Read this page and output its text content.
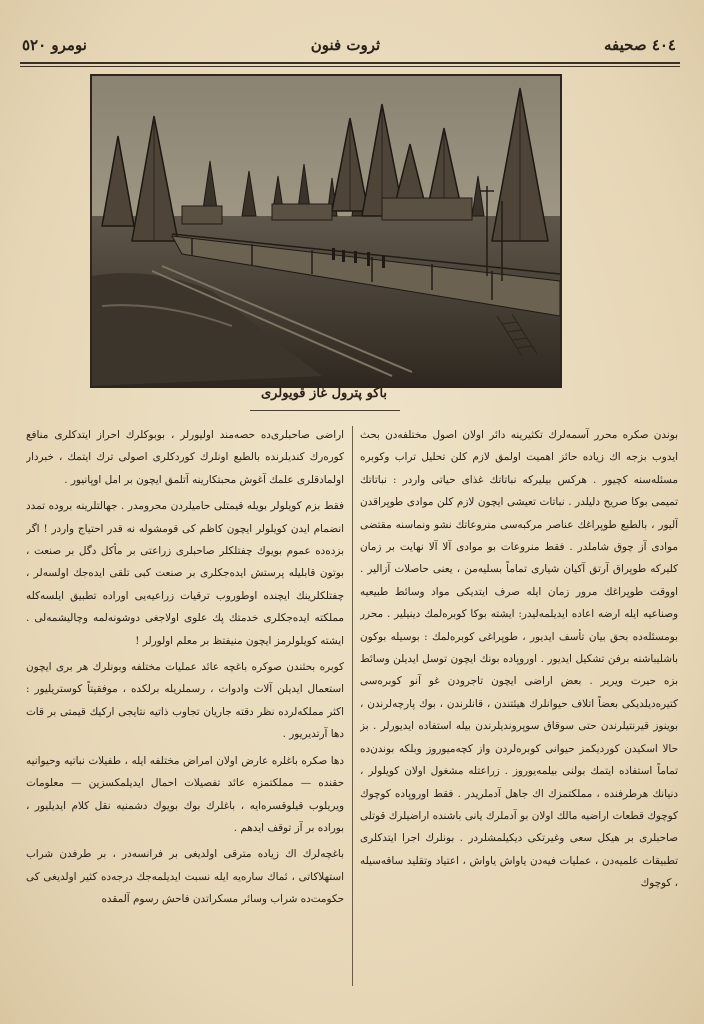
نومرو ٥٢٠	ثروت فنون	٤٠٤ صحیفه
باكو پترول غاز قویولری

بوندن صکره محرر آسمه‌لرك تكثیرینه دائر اولان اصول مختلفه‌دن بحث ایدوب بزجه اك زیاده حائز اهمیت اولمق لازم كلن تحلیل تراب وكوبره مسئله‌سنه كچیور . هركس بیلیركه نباتاتك غذای حیاتی واردر : نباتاتك تمیمی بوكا صریح دلیلدر . نباتات تعیشی ایچون لازم كلن موادی طوپراقدن آلیور ، بالطبع طوپراغك عناصر مركبه‌سی منروعاتك نشو ونماسنه مقتضی موادی آز چوق شاملدر . فقط منروعات بو موادی آلا آلا نهایت بر زمان كلیركه طوپراق آرتق آكیان شیاری تماماً بسلیه‌من ، یعنی حاصلات آزالیر . اووقت طوپراغك مرور زمان ایله صرف ایتدیكی مواد وسائط طبیعیه وصناعیه ایله ارضه اعاده ایدیلمه‌لیدر: ایشته بوكا كوبره‌لمك دینیلیر . محرر بومسئله‌ده بحق بیان تأسف ایدیور ، طوپراغی كوبره‌لمك : بوسیله بوكون باشلیباشنه برفن تشكیل ایدیور . اوروپاده بونك ایچون توسل ایدیلن وسائط بزه حیرت ویریر . بعض اراضی ایچون تاجرودن غو آنو كوبره‌سی كتیره‌دیلدیكی بعضاً اتلاف حیوانلرك هیئتندن ، قانلرندن ، بوك پارچه‌لرندن ، بوینوز قیرنتیلرندن حتی سوقاق سوپروندیلرندن بیله استفاده ایدیورلر . بز حالا اسكیدن كوردیكمز حیوانی كوبره‌لردن واز كچه‌میوروز وبلكه بوندن‌ده تماماً استفاده ایتمك بولنی بیلمه‌یوروز . زراعتله مشغول اولان كویلولر ، دنیانك هرطرفنده ، مملكتمزك اك جاهل آدملریدر . فقط اوروپاده كوچوك كوچوك قطعات اراضیه مالك اولان بو آدملرك یانی باشنده اراضیلرك قوتلی صاحبلری بر هیكل سعی وغیرتكی دیكیلمشلردر . بونلرك اجرا ایتدكلری تطبیقات علمیه‌دن ، عملیات فیه‌دن یاواش یاواش ، اعتیاد وتقلید ساقه‌سیله ، كوچوك

اراضی صاحبلری‌ده حصه‌مند اولیورلر ، بوبوكلرك احراز ایتدكلری منافع كوره‌رك كندیلرنده بالطبع اونلرك كوردكلری اصولی ترك ایتمك ، خبردار اولمادقلری علمك آغوش محبتكارینه آتلمق ایچون بر امل اوپانیور .

فقط بزم كویلولر بویله قیمتلی حامیلردن محرومدر . جهالتلرینه بروده تمدد انضمام ایدن كویلولر ایچون كاظم كی قومشوله نه قدر احتیاج واردر ! اگر بزده‌ده عموم بویوك چفتلكلر صاحبلری زراعتی بر مأكل دگل بر صنعت ، بوتون قابلیله پرستش ایده‌جكلری بر صنعت كبی تلقی ایده‌جك اولسه‌لر ، چفتلكلرینك ایچنده اوطوروب ترقیات زراعیه‌یی اوراده تطبیق ایلسه‌كله مملكته ایده‌جكلری خدمتك پك علوی اولاجغی دوشونه‌لمه وچالیشمه‌لی . ایشته كویلولرمز ایچون منیفتظ بر معلم اولورلر !

كوبره بحثندن صوكره باغچه عائد عملیات مختلفه وبونلرك هر بری ایچون استعمال ایدیلن آلات وادوات ، رسملریله برلكده ، موفقیتاً كوستریلیور : اكثر مملكه‌لرده نظر دقته جاریان تجاوب ذاتیه نتایجی اركیك قیمتی بر قات دها آرتدیریور .

دها صكره باغلره عارض اولان امراض مختلفه ایله ، طفیلات نباتیه وحیوانیه حقنده — مملكتمزه عائد تفصیلات احمال ایدیلمكسزین — معلومات ویریلوب قیلوقسره‌ایه ، باغلرك بوك بویوك دشمنیه نقل كلام ایدیلیور ، بوراده بر آز توقف ایدهم .

باغچه‌لرك اك زیاده مترقی اولدیغی بر فرانسه‌در ، بر طرفدن شراب استهلاكاتی ، ئماك ساره‌یه ایله نسبت ایدیلمه‌جك درجه‌ده كثیر اولدیغی كی حكومت‌ده شراب وسائر مسكراتدن فاحش رسوم آلمقده
